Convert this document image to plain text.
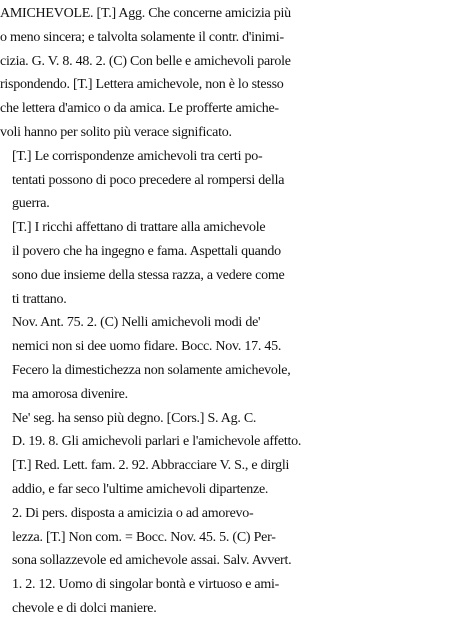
AMICHEVOLE. [T.] Agg. Che concerne amicizia più
o meno sincera; e talvolta solamente il contr. d'inimi-
cizia. G. V. 8. 48. 2. (C) Con belle e amichevoli parole
rispondendo. [T.] Lettera amichevole, non è lo stesso
che lettera d'amico o da amica. Le profferte amiche-
voli hanno per solito più verace significato.
[T.] Le corrispondenze amichevoli tra certi po-
tentati possono di poco precedere al rompersi della
guerra.
[T.] I ricchi affettano di trattare alla amichevole
il povero che ha ingegno e fama. Aspettali quando
sono due insieme della stessa razza, a vedere come
ti trattano.
Nov. Ant. 75. 2. (C) Nelli amichevoli modi de'
nemici non si dee uomo fidare. Bocc. Nov. 17. 45.
Fecero la dimestichezza non solamente amichevole,
ma amorosa divenire.
Ne' seg. ha senso più degno. [Cors.] S. Ag. C.
D. 19. 8. Gli amichevoli parlari e l'amichevole affetto.
[T.] Red. Lett. fam. 2. 92. Abbracciare V. S., e dirgli
addio, e far seco l'ultime amichevoli dipartenze.
2. Di pers. disposta a amicizia o ad amorevo-
lezza. [T.] Non com. = Bocc. Nov. 45. 5. (C) Per-
sona sollazzevole ed amichevole assai. Salv. Avvert.
1. 2. 12. Uomo di singolar bontà e virtuoso e ami-
chevole e di dolci maniere.
